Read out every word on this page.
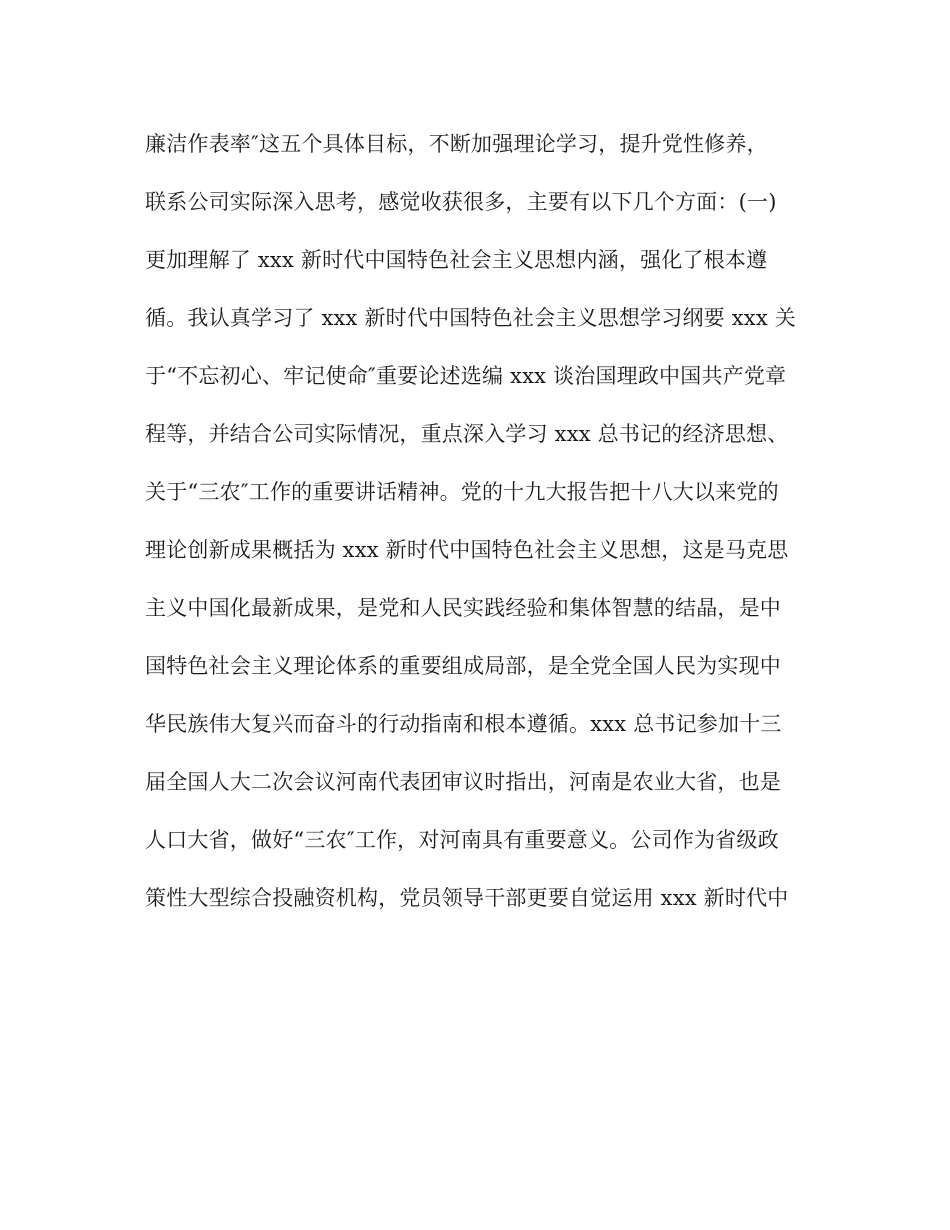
廉洁作表率″这五个具体目标，不断加强理论学习，提升党性修养，
联系公司实际深入思考，感觉收获很多，主要有以下几个方面：(一)
更加理解了 xxx 新时代中国特色社会主义思想内涵，强化了根本遵
循。我认真学习了 xxx 新时代中国特色社会主义思想学习纲要 xxx 关
于“不忘初心、牢记使命″重要论述选编 xxx 谈治国理政中国共产党章
程等，并结合公司实际情况，重点深入学习 xxx 总书记的经济思想、
关于“三农″工作的重要讲话精神。党的十九大报告把十八大以来党的
理论创新成果概括为 xxx 新时代中国特色社会主义思想，这是马克思
主义中国化最新成果，是党和人民实践经验和集体智慧的结晶，是中
国特色社会主义理论体系的重要组成局部，是全党全国人民为实现中
华民族伟大复兴而奋斗的行动指南和根本遵循。xxx 总书记参加十三
届全国人大二次会议河南代表团审议时指出，河南是农业大省，也是
人口大省，做好“三农″工作，对河南具有重要意义。公司作为省级政
策性大型综合投融资机构，党员领导干部更要自觉运用 xxx 新时代中
